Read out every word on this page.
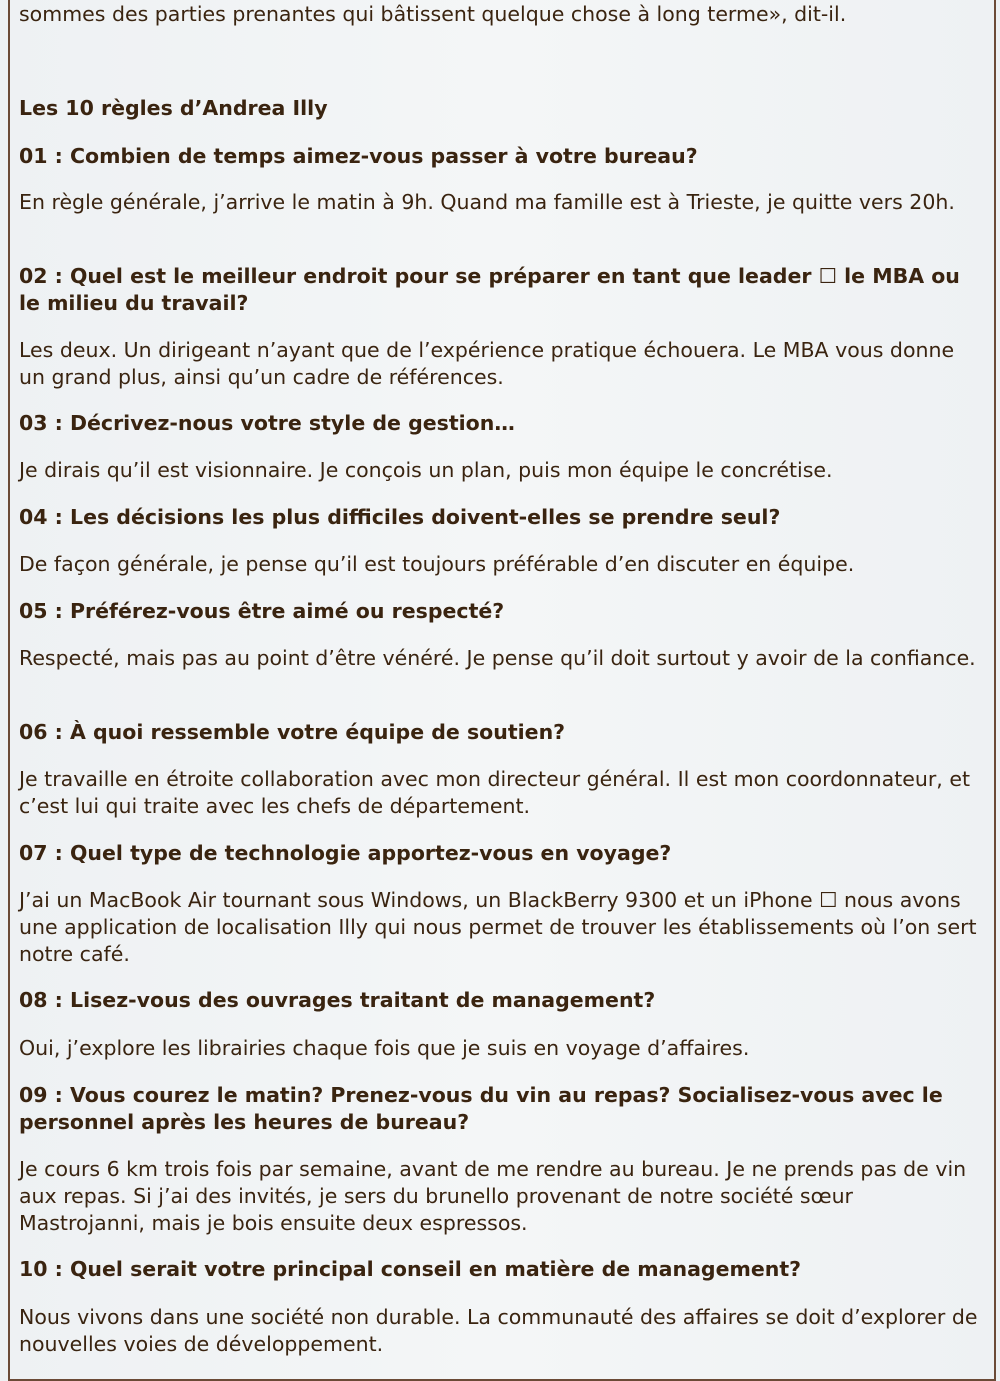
sommes des parties prenantes qui bâtissent quelque chose à long terme», dit-il.

Les 10 règles d’Andrea Illy

01 : Combien de temps aimez-vous passer à votre bureau?

En règle générale, j’arrive le matin à 9h. Quand ma famille est à Trieste, je quitte vers 20h.

02 : Quel est le meilleur endroit pour se préparer en tant que leader ☐ le MBA ou le milieu du travail?

Les deux. Un dirigeant n’ayant que de l’expérience pratique échouera. Le MBA vous donne un grand plus, ainsi qu’un cadre de références.

03 : Décrivez-nous votre style de gestion…

Je dirais qu’il est visionnaire. Je conçois un plan, puis mon équipe le concrétise.

04 : Les décisions les plus difficiles doivent-elles se prendre seul?

De façon générale, je pense qu’il est toujours préférable d’en discuter en équipe.

05 : Préférez-vous être aimé ou respecté?

Respecté, mais pas au point d’être vénéré. Je pense qu’il doit surtout y avoir de la confiance.

06 : À quoi ressemble votre équipe de soutien?

Je travaille en étroite collaboration avec mon directeur général. Il est mon coordonnateur, et c’est lui qui traite avec les chefs de département.

07 : Quel type de technologie apportez-vous en voyage?

J’ai un MacBook Air tournant sous Windows, un BlackBerry 9300 et un iPhone ☐ nous avons une application de localisation Illy qui nous permet de trouver les établissements où l’on sert notre café.

08 : Lisez-vous des ouvrages traitant de management?

Oui, j’explore les librairies chaque fois que je suis en voyage d’affaires.

09 : Vous courez le matin? Prenez-vous du vin au repas? Socialisez-vous avec le personnel après les heures de bureau?

Je cours 6 km trois fois par semaine, avant de me rendre au bureau. Je ne prends pas de vin aux repas. Si j’ai des invités, je sers du brunello provenant de notre société sœur Mastrojanni, mais je bois ensuite deux espressos.

10 : Quel serait votre principal conseil en matière de management?

Nous vivons dans une société non durable. La communauté des affaires se doit d’explorer de nouvelles voies de développement.
